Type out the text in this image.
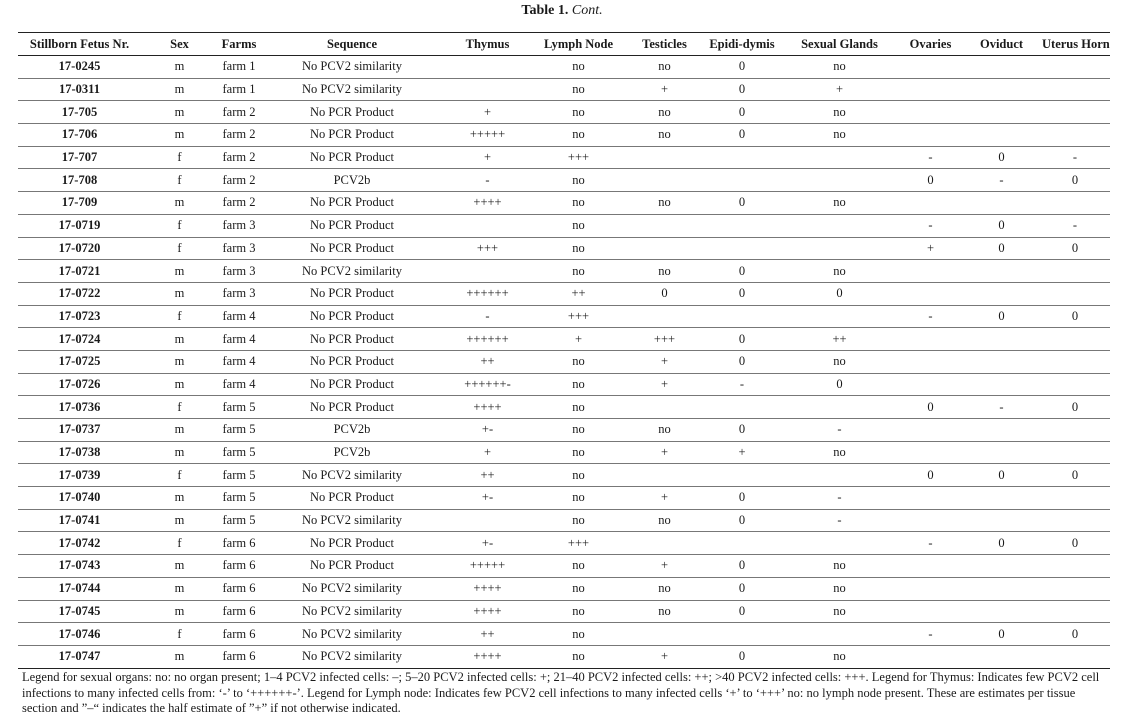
Table 1. Cont.
Stillborn Fetus Nr.	Sex	Farms	Sequence	Thymus	Lymph Node	Testicles	Epidi-dymis	Sexual Glands	Ovaries	Oviduct	Uterus Horn
17-0245	m	farm 1	No PCV2 similarity		no	no	0	no			
17-0311	m	farm 1	No PCV2 similarity		no	+	0	+			
17-705	m	farm 2	No PCR Product	+	no	no	0	no			
17-706	m	farm 2	No PCR Product	+++++	no	no	0	no			
17-707	f	farm 2	No PCR Product	+	+++				-	0	-
17-708	f	farm 2	PCV2b	-	no				0	-	0
17-709	m	farm 2	No PCR Product	++++	no	no	0	no			
17-0719	f	farm 3	No PCR Product		no				-	0	-
17-0720	f	farm 3	No PCR Product	+++	no				+	0	0
17-0721	m	farm 3	No PCV2 similarity		no	no	0	no			
17-0722	m	farm 3	No PCR Product	++++++	++	0	0	0			
17-0723	f	farm 4	No PCR Product	-	+++				-	0	0
17-0724	m	farm 4	No PCR Product	++++++	+	+++	0	++			
17-0725	m	farm 4	No PCR Product	++	no	+	0	no			
17-0726	m	farm 4	No PCR Product	++++++-	no	+	-	0			
17-0736	f	farm 5	No PCR Product	++++	no				0	-	0
17-0737	m	farm 5	PCV2b	+-	no	no	0	-			
17-0738	m	farm 5	PCV2b	+	no	+	+	no			
17-0739	f	farm 5	No PCV2 similarity	++	no				0	0	0
17-0740	m	farm 5	No PCR Product	+-	no	+	0	-			
17-0741	m	farm 5	No PCV2 similarity		no	no	0	-			
17-0742	f	farm 6	No PCR Product	+-	+++				-	0	0
17-0743	m	farm 6	No PCR Product	+++++	no	+	0	no			
17-0744	m	farm 6	No PCV2 similarity	++++	no	no	0	no			
17-0745	m	farm 6	No PCV2 similarity	++++	no	no	0	no			
17-0746	f	farm 6	No PCV2 similarity	++	no				-	0	0
17-0747	m	farm 6	No PCV2 similarity	++++	no	+	0	no			
Legend for sexual organs: no: no organ present; 1–4 PCV2 infected cells: –; 5–20 PCV2 infected cells: +; 21–40 PCV2 infected cells: ++; >40 PCV2 infected cells: +++. Legend for Thymus: Indicates few PCV2 cell infections to many infected cells from: ‘-’ to ‘++++++-’. Legend for Lymph node: Indicates few PCV2 cell infections to many infected cells ‘+’ to ‘+++’ no: no lymph node present. These are estimates per tissue section and ”–“ indicates the half estimate of ”+” if not otherwise indicated.
